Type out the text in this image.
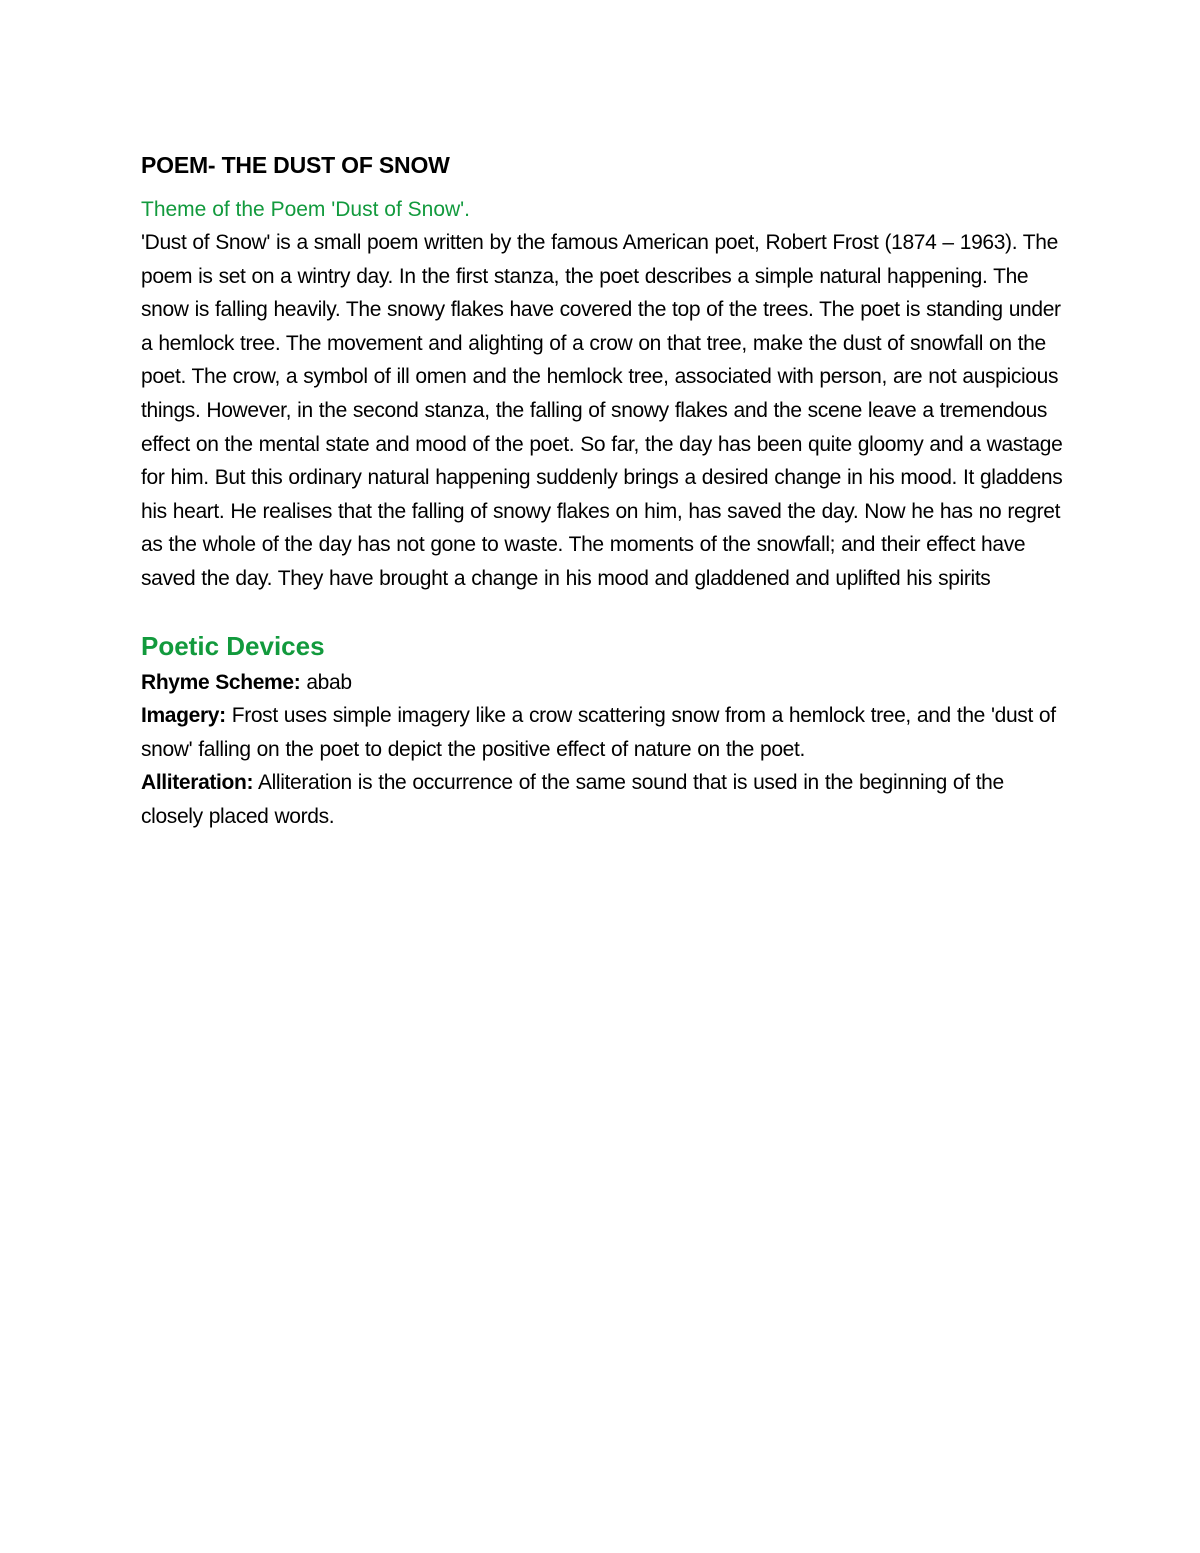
POEM- THE DUST OF SNOW
Theme of the Poem 'Dust of Snow'.

'Dust of Snow' is a small poem written by the famous American poet, Robert Frost (1874 – 1963). The poem is set on a wintry day. In the first stanza, the poet describes a simple natural happening. The snow is falling heavily. The snowy flakes have covered the top of the trees. The poet is standing under a hemlock tree. The movement and alighting of a crow on that tree, make the dust of snowfall on the poet. The crow, a symbol of ill omen and the hemlock tree, associated with person, are not auspicious things. However, in the second stanza, the falling of snowy flakes and the scene leave a tremendous effect on the mental state and mood of the poet. So far, the day has been quite gloomy and a wastage for him. But this ordinary natural happening suddenly brings a desired change in his mood. It gladdens his heart. He realises that the falling of snowy flakes on him, has saved the day. Now he has no regret as the whole of the day has not gone to waste. The moments of the snowfall; and their effect have saved the day. They have brought a change in his mood and gladdened and uplifted his spirits

Poetic Devices

Rhyme Scheme: abab

Imagery: Frost uses simple imagery like a crow scattering snow from a hemlock tree, and the 'dust of snow' falling on the poet to depict the positive effect of nature on the poet.

Alliteration: Alliteration is the occurrence of the same sound that is used in the beginning of the closely placed words.
